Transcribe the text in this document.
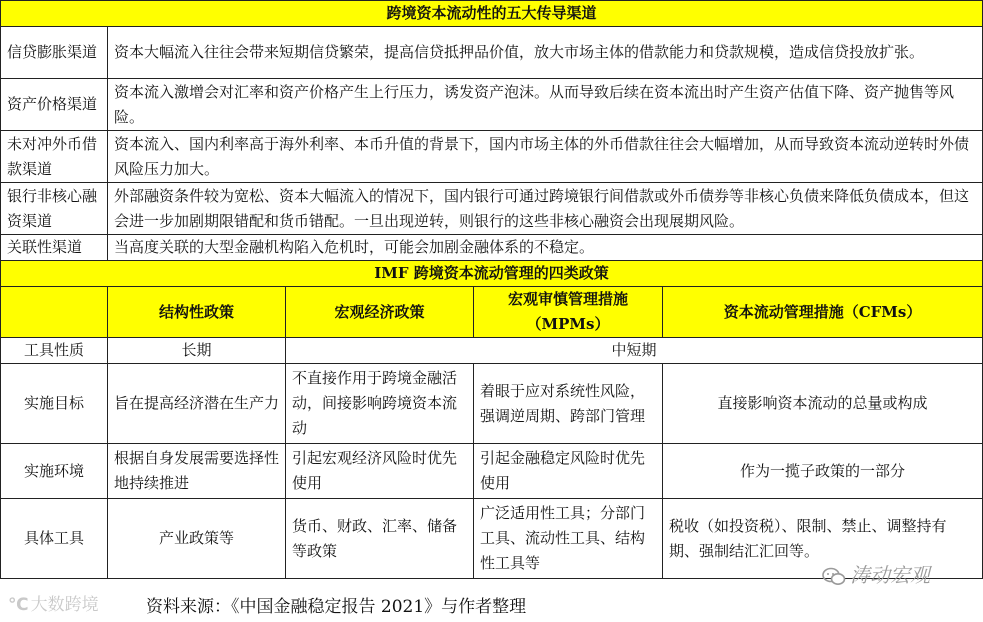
跨境资本流动性的五大传导渠道				
信贷膨胀渠道	资本大幅流入往往会带来短期信贷繁荣，提高信贷抵押品价值，放大市场主体的借款能力和贷款规模，造成信贷投放扩张。			
资产价格渠道	资本流入激增会对汇率和资产价格产生上行压力，诱发资产泡沫。从而导致后续在资本流出时产生资产估值下降、资产抛售等风险。			
未对冲外币借款渠道	资本流入、国内利率高于海外利率、本币升值的背景下，国内市场主体的外币借款往往会大幅增加，从而导致资本流动逆转时外债风险压力加大。			
银行非核心融资渠道	外部融资条件较为宽松、资本大幅流入的情况下，国内银行可通过跨境银行间借款或外币债券等非核心负债来降低负债成本，但这会进一步加剧期限错配和货币错配。一旦出现逆转，则银行的这些非核心融资会出现展期风险。			
关联性渠道	当高度关联的大型金融机构陷入危机时，可能会加剧金融体系的不稳定。			
IMF 跨境资本流动管理的四类政策				
	结构性政策	宏观经济政策	宏观审慎管理措施（MPMs）	资本流动管理措施（CFMs）
工具性质	长期	中短期		
实施目标	旨在提高经济潜在生产力	不直接作用于跨境金融活动，间接影响跨境资本流动	着眼于应对系统性风险，强调逆周期、跨部门管理	直接影响资本流动的总量或构成
实施环境	根据自身发展需要选择性地持续推进	引起宏观经济风险时优先使用	引起金融稳定风险时优先使用	作为一揽子政策的一部分
具体工具	产业政策等	货币、财政、汇率、储备等政策	广泛适用性工具；分部门工具、流动性工具、结构性工具等	税收（如投资税）、限制、禁止、调整持有期、强制结汇汇回等。
℃ 大数跨境	资料来源：《中国金融稳定报告 2021》与作者整理
涛动宏观
